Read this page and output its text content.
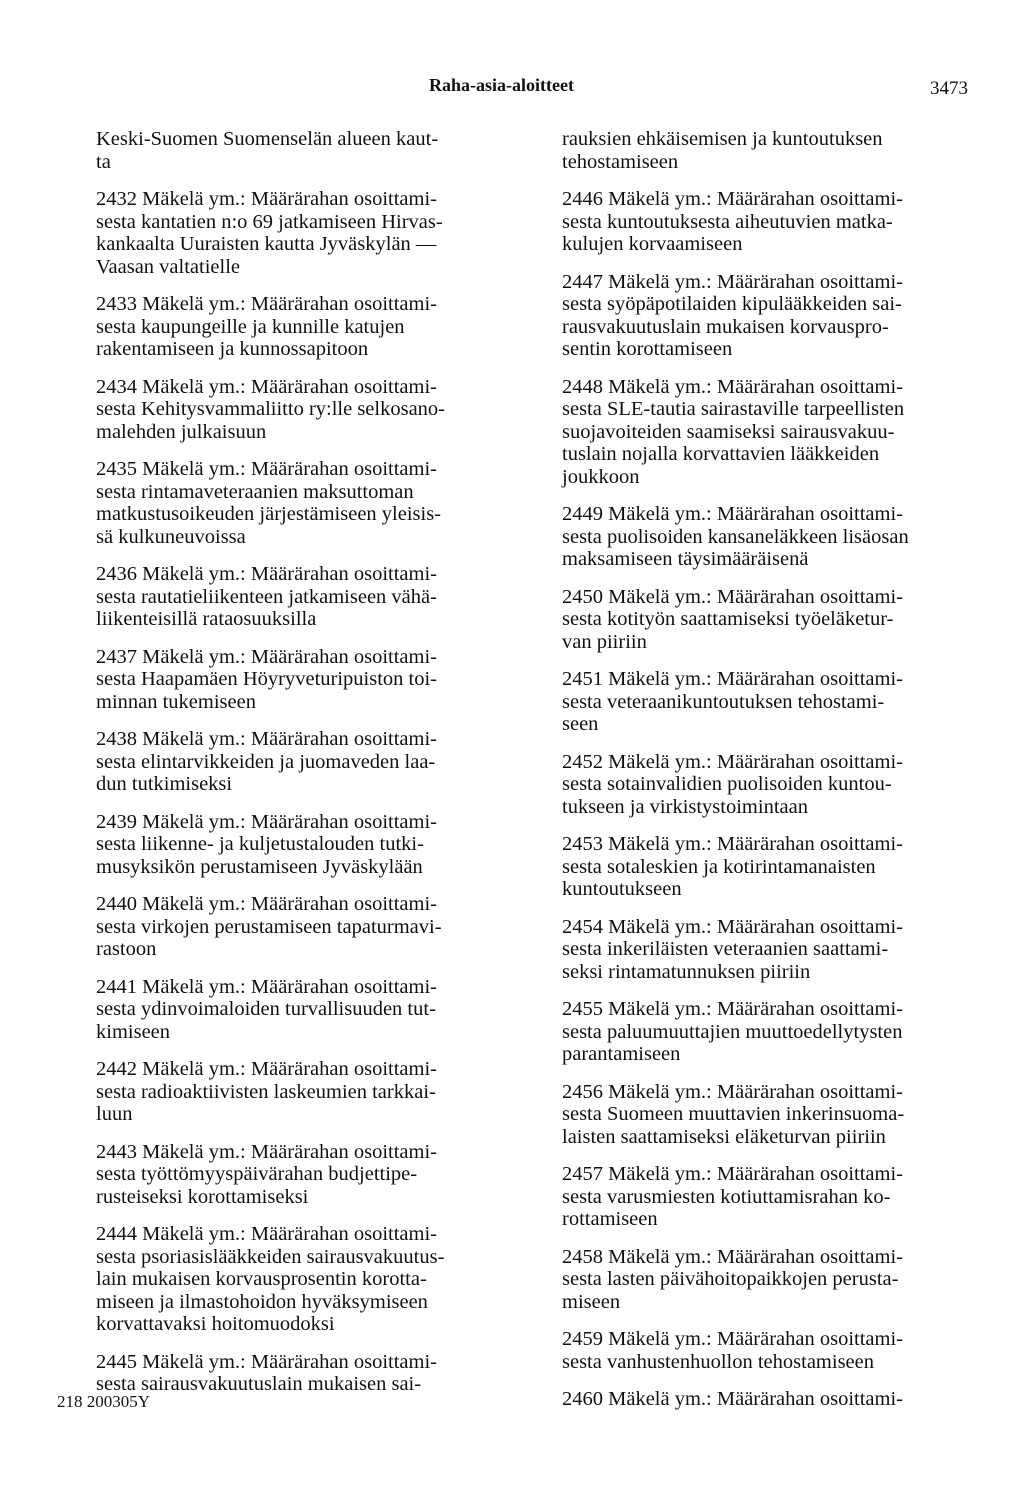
Raha-asia-aloitteet	3473
Keski-Suomen Suomenselän alueen kaut-
ta
2432 Mäkelä ym.: Määrärahan osoittami-
sesta kantatien n:o 69 jatkamiseen Hirvas-
kankaalta Uuraisten kautta Jyväskylän —
Vaasan valtatielle
2433 Mäkelä ym.: Määrärahan osoittami-
sesta kaupungeille ja kunnille katujen
rakentamiseen ja kunnossapitoon
2434 Mäkelä ym.: Määrärahan osoittami-
sesta Kehitysvammaliitto ry:lle selkosano-
malehden julkaisuun
2435 Mäkelä ym.: Määrärahan osoittami-
sesta rintamaveteraanien maksuttoman
matkustusoikeuden järjestämiseen yleisis-
sä kulkuneuvoissa
2436 Mäkelä ym.: Määrärahan osoittami-
sesta rautatieliikenteen jatkamiseen vähä-
liikenteisillä rataosuuksilla
2437 Mäkelä ym.: Määrärahan osoittami-
sesta Haapamäen Höyryveturipuiston toi-
minnan tukemiseen
2438 Mäkelä ym.: Määrärahan osoittami-
sesta elintarvikkeiden ja juomaveden laa-
dun tutkimiseksi
2439 Mäkelä ym.: Määrärahan osoittami-
sesta liikenne- ja kuljetustalouden tutki-
musyksikön perustamiseen Jyväskylään
2440 Mäkelä ym.: Määrärahan osoittami-
sesta virkojen perustamiseen tapaturmavi-
rastoon
2441 Mäkelä ym.: Määrärahan osoittami-
sesta ydinvoimaloiden turvallisuuden tut-
kimiseen
2442 Mäkelä ym.: Määrärahan osoittami-
sesta radioaktiivisten laskeumien tarkkai-
luun
2443 Mäkelä ym.: Määrärahan osoittami-
sesta työttömyyspäivärahan budjettipe-
rusteiseksi korottamiseksi
2444 Mäkelä ym.: Määrärahan osoittami-
sesta psoriasislääkkeiden sairausvakuutus-
lain mukaisen korvausprosentin korotta-
miseen ja ilmastohoidon hyväksymiseen
korvattavaksi hoitomuodoksi
2445 Mäkelä ym.: Määrärahan osoittami-
sesta sairausvakuutuslain mukaisen sai-
rauksien ehkäisemisen ja kuntoutuksen
tehostamiseen
2446 Mäkelä ym.: Määrärahan osoittami-
sesta kuntoutuksesta aiheutuvien matka-
kulujen korvaamiseen
2447 Mäkelä ym.: Määrärahan osoittami-
sesta syöpäpotilaiden kipulääkkeiden sai-
rausvakuutuslain mukaisen korvauspro-
sentin korottamiseen
2448 Mäkelä ym.: Määrärahan osoittami-
sesta SLE-tautia sairastaville tarpeellisten
suojavoiteiden saamiseksi sairausvakuu-
tuslain nojalla korvattavien lääkkeiden
joukkoon
2449 Mäkelä ym.: Määrärahan osoittami-
sesta puolisoiden kansaneläkkeen lisäosan
maksamiseen täysimääräisenä
2450 Mäkelä ym.: Määrärahan osoittami-
sesta kotityön saattamiseksi työeläketur-
van piiriin
2451 Mäkelä ym.: Määrärahan osoittami-
sesta veteraanikuntoutuksen tehostami-
seen
2452 Mäkelä ym.: Määrärahan osoittami-
sesta sotainvalidien puolisoiden kuntou-
tukseen ja virkistystoimintaan
2453 Mäkelä ym.: Määrärahan osoittami-
sesta sotaleskien ja kotirintamanaisten
kuntoutukseen
2454 Mäkelä ym.: Määrärahan osoittami-
sesta inkeriläisten veteraanien saattami-
seksi rintamatunnuksen piiriin
2455 Mäkelä ym.: Määrärahan osoittami-
sesta paluumuuttajien muuttoedellytysten
parantamiseen
2456 Mäkelä ym.: Määrärahan osoittami-
sesta Suomeen muuttavien inkerinsuoma-
laisten saattamiseksi eläketurvan piiriin
2457 Mäkelä ym.: Määrärahan osoittami-
sesta varusmiesten kotiuttamisrahan ko-
rottamiseen
2458 Mäkelä ym.: Määrärahan osoittami-
sesta lasten päivähoitopaikkojen perusta-
miseen
2459 Mäkelä ym.: Määrärahan osoittami-
sesta vanhustenhuollon tehostamiseen
2460 Mäkelä ym.: Määrärahan osoittami-
218 200305Y
